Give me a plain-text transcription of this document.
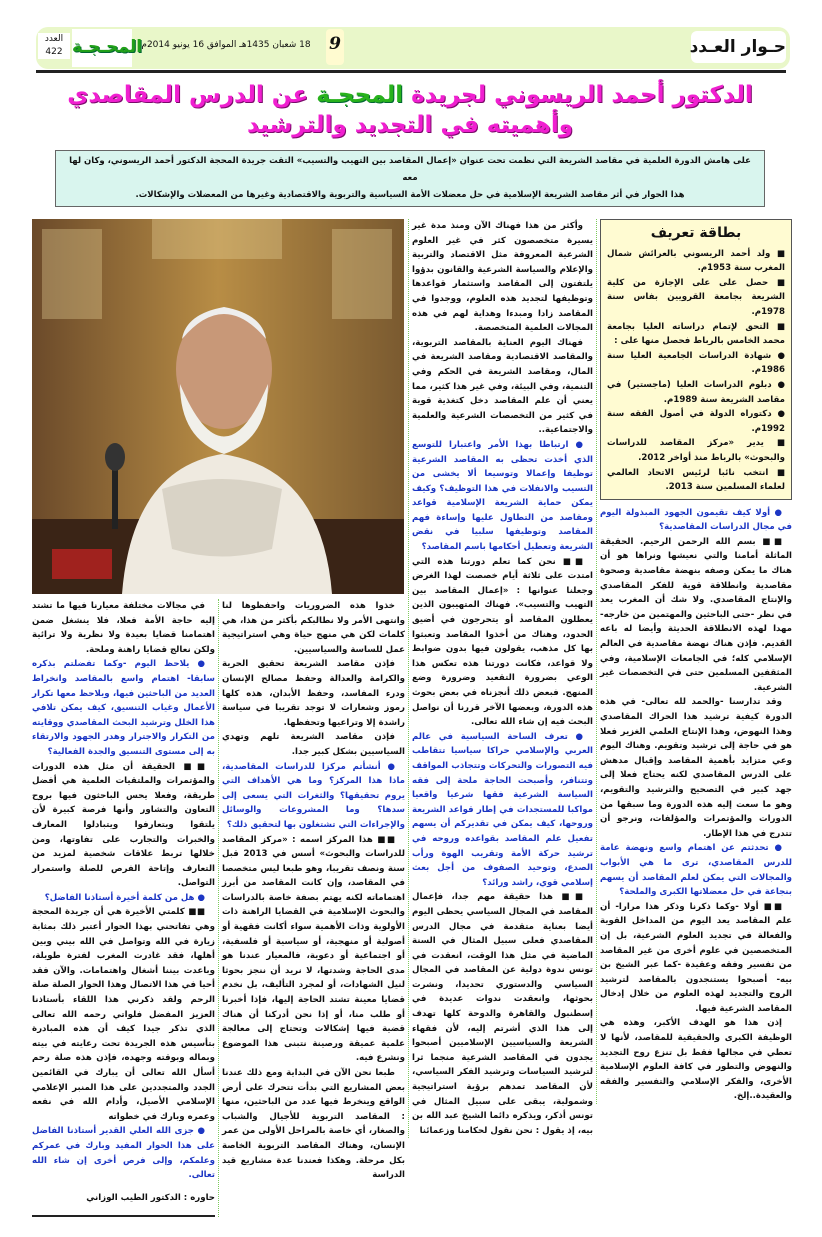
حـوار العـدد
9
18 شعبان 1435هـ الموافق 16 يونيو 2014م
المحـجـة
العدد 422
الدكتور أحمد الريسوني لجريدة المحجـة عن الدرس المقاصدي وأهميته في التجديد والترشيد
على هامش الدورة العلمية في مقاصد الشريعة التي نظمت تحت عنوان «إعمال المقاصد بين التهيب والتسيب» التقت جريدة المحجة الدكتور أحمد الريسوني، وكان لها معه
هذا الحوار في أثر مقاصد الشريعة الإسلامية في حل معضلات الأمة السياسية والتربوية والاقتصادية وغيرها من المعضلات والإشكالات.
بطاقة تعريف
■ ولد أحمد الريسوني بالعرائش شمال المغرب سنة 1953م.
■ حصل على على الإجازة من كلية الشريعة بجامعة القرويين بفاس سنة 1978م.
■ التحق لإتمام دراساته العليا بجامعة محمد الخامس بالرباط فحصل منها على :
● شهادة الدراسات الجامعية العليا سنة 1986م.
● دبلوم الدراسات العليا (ماجستير) في مقاصد الشريعة سنة 1989م.
● دكتوراه الدولة في أصول الفقه سنة 1992م.
■ يدير «مركز المقاصد للدراسات والبحوث» بالرباط منذ أواخر 2012.
■ انتخب نائبا لرئيس الاتحاد العالمي لعلماء المسلمين سنة 2013.

● أولا كيف تقيمون الجهود المبذولة اليوم في مجال الدراسات المقاصدية؟

■■ بسم الله الرحمن الرحيم. الحقيقة الماثلة أمامنا والتي نعيشها ونراها هو أن هناك ما يمكن وصفه بنهضة مقاصدية وصحوة مقاصدية وانطلاقة قوية للفكر المقاصدي والإنتاج المقاصدي. ولا شك أن المغرب يعد في نظر -حتى الباحثين والمهتمين من خارجه- مهدا لهذه الانطلاقة الحديثة وأيضا له باعه القديم. فإذن هناك نهضة مقاصدية في العالم الإسلامي كله؛ في الجامعات الإسلامية، وفي المثقفين المسلمين حتى في التخصصات غير الشرعية.

وقد تدارسنا -والحمد لله تعالى- في هذه الدورة كيفية ترشيد هذا الحراك المقاصدي وهذا النهوض، وهذا الإنتاج العلمي الغزير فعلا هو في حاجة إلى ترشيد وتقويم. وهناك اليوم وعي متزايد بأهمية المقاصد وإقبال مدهش على الدرس المقاصدي لكنه يحتاج فعلا إلى جهد كبير في التصحيح والترشيد والتقويم، وهو ما سعت إليه هذه الدورة وما سبقها من الدورات والمؤتمرات والمؤلفات، ونرجو أن تتدرج في هذا الإطار.

● تحدثتم عن اهتمام واسع ونهضة عامة للدرس المقاصدي، ترى ما هي الأبواب والمجالات التي يمكن لعلم المقاصد أن يسهم بنجاعة في حل معضلاتها الكبرى والملحة؟

■■ أولا -وكما ذكرنا وذكر هذا مرارا- أن علم المقاصد يعد اليوم من المداخل القوية والفعالة في تجديد العلوم الشرعية، بل إن المتخصصين في علوم أخرى من غير المقاصد من تفسير وفقه وعقيدة -كما عبر الشيخ بن بيه- أصبحوا يستنجدون بالمقاصد لترشيد الروح والتجديد لهذه العلوم من خلال إدخال المقاصد الشرعية فيها.

إذن هذا هو الهدف الأكبر، وهذه هي الوظيفة الكبرى والحقيقية للمقاصد، لأنها لا تعطي في مجالها فقط بل تنزع روح التجديد والنهوض والتطور في كافة العلوم الإسلامية الأخرى، والفكر الإسلامي والتفسير والفقه والعقيدة..إلخ.

وأكثر من هذا فهناك الآن ومنذ مدة غير يسيرة متخصصون كثر في غير العلوم الشرعية المعروفة مثل الاقتصاد والتربية والإعلام والسياسة الشرعية والقانون بدؤوا يلتفتون إلى المقاصد واستثمار قواعدها وتوظيفها لتجديد هذه العلوم، ووجدوا في المقاصد زادا ومبدءا وهداية لهم في هذه المجالات العلمية المتخصصة.

فهناك اليوم العناية بالمقاصد التربوية، والمقاصد الاقتصادية ومقاصد الشريعة في المال، ومقاصد الشريعة في الحكم وفي التنمية، وفي البيئة، وفي غير هذا كثير، مما يعني أن علم المقاصد دخل كتغذية قوية في كثير من التخصصات الشرعية والعلمية والاجتماعية..

● ارتباطا بهذا الأمر واعتبارا للتوسع الذي أخذت تحظى به المقاصد الشرعية توظيفا وإعمالا وتوسيعا ألا يخشى من التسيب والانفلات في هذا التوظيف؟ وكيف يمكن حماية الشريعة الإسلامية قواعد ومقاصد من التطاول عليها وإساءة فهم المقاصد وتوظيفها سلبيا في نقض الشريعة وتعطيل أحكامها باسم المقاصد؟

■■ نحن كما تعلم دورتنا هذه التي امتدت على ثلاثة أيام خصصت لهذا الغرض وجعلنا عنوانها : «إعمال المقاصد بين التهيب والتسيب». فهناك المتهيبون الذين يعطلون المقاصد أو يتحرجون في أضيق الحدود، وهناك من أخذوا المقاصد وتعبثوا بها كل مذهب، يقولون فيها بدون ضوابط ولا قواعد، فكانت دورتنا هذه تعكس هذا الوعي بضرورة التقعيد وضرورة وضع المنهج. فبعض ذلك أنجزناه في بعض بحوث هذه الدورة، وبعضها الآخر قررنا أن نواصل البحث فيه إن شاء الله تعالى.

● تعرف الساحة السياسية في عالم العربي والإسلامي حراكا سياسيا تتقاطب فيه التصورات والتحركات وتتجاذب المواقف وتتنافر، وأصبحت الحاجة ملحة إلى فقه السياسة الشرعية فقها شرعيا واقعيا مواكبا للمستجدات في إطار قواعد الشريعة وروحها، كيف يمكن في تقديركم أن يسهم تفعيل علم المقاصد بقواعده وروحه في ترشيد حركة الأمة وتقريب الهوة ورأب الصدع، وتوحيد الصفوف من أجل بعث إسلامي قوي، راشد ورائد؟

■■ هذا حقيقة مهم جدا، فإعمال المقاصد في المجال السياسي يحظى اليوم أيضا بعناية متقدمة في مجال الدرس المقاصدي فعلى سبيل المثال في السنة الماضية في مثل هذا الوقت، انعقدت في تونس ندوة دولية عن المقاصد في المجال السياسي والدستوري تحديدا، ونشرت بحوثها، وانعقدت ندوات عديدة في إسطنبول والقاهرة والدوحة كلها تهدف إلى هذا الذي أشرتم إليه، لأن فقهاء الشريعة والسياسيين الإسلاميين أصبحوا يجدون في المقاصد الشرعية منجما ثرا لترشيد السياسات وترشيد الفكر السياسي، لأن المقاصد تمدهم برؤية استراتيجية وشمولية، يبقى على سبيل المثال في تونس أذكر، ويذكره دائما الشيخ عبد الله بن بيه، إذ يقول : نحن نقول لحكامنا وزعمائنا

خذوا هذه الضروريات واحفظوها لنا وانتهى الأمر ولا نطالبكم بأكثر من هذا، هي كلمات لكن هي منهج حياة وهي استراتيجية عمل للساسة والسياسيين.

فإذن مقاصد الشريعة تحقيق الحرية والكرامة والعدالة وحفظ مصالح الإنسان ودرء المفاسد، وحفظ الأبدان، هذه كلها رموز وشعارات لا توجد تقريبا في سياسة راشدة إلا وتراعيها وتحفظها.

فإذن مقاصد الشريعة تلهم وتهدي السياسيين بشكل كبير جدا.

● أنشأتم مركزا للدراسات المقاصدية، ماذا هذا المركز؟ وما هي الأهداف التي يروم تحقيقها؟ والثغرات التي يسعى إلى سدها؟ وما المشروعات والوسائل والإجراءات التي تشتغلون بها لتحقيق ذلك؟

■■ هذا المركز اسمه : «مركز المقاصد للدراسات والبحوث» أسس في 2013 قبل سنة ونصف تقريبا، وهو طبعا ليس متخصصا في المقاصد، وإن كانت المقاصد من أبرز اهتماماته لكنه يهتم بصفة خاصة بالدراسات والبحوث الإسلامية في القضايا الراهنة ذات الأولوية وذات الأهمية سواء أكانت فقهية أو أصولية أو منهجية، أو سياسية أو فلسفية، أو اجتماعية أو دعوية، فالمعيار عندنا هو مدى الحاجة وشدتها، لا نريد أن ننجز بحوثا لنيل الشهادات، أو لمجرد التأليف، بل نخدم قضايا معينة تشتد الحاجة إليها، فإذا أخبرنا أو طلب منا، أو إذا نحن أدركنا أن هناك قضية فيها إشكالات وتحتاج إلى معالجة علمية عميقة ورصينة نتبنى هذا الموضوع ونشرع فيه.

طبعا نحن الآن في البداية ومع ذلك عندنا بعض المشاريع التي بدأت تتحرك على أرض الواقع وينخرط فيها عدد من الباحثين، منها : المقاصد التربوية للأجيال والشباب والصغار، أي خاصة بالمراحل الأولى من عمر الإنسان، وهناك المقاصد التربوية الخاصة بكل مرحلة. وهكذا فعندنا عدة مشاريع قيد الدراسة

في مجالات مختلفة معيارنا فيها ما تشتد إليه حاجة الأمة فعلا، فلا ينشغل ضمن اهتمامنا قضايا بعيدة ولا نظرية ولا ترائية ولكن نعالج قضايا راهنة وملحة.

● يلاحظ اليوم -وكما تفضلتم بذكره سابقا- اهتمام واسع بالمقاصد وانخراط العديد من الباحثين فيها، ويلاحظ معها تكرار الأعمال وغياب التنسيق، كيف يمكن تلافي هذا الخلل وترشيد البحث المقاصدي ووقايته من التكرار والاجترار وهدر الجهود والارتقاء به إلى مستوى التنسيق والجدة الفعالية؟

■■ الحقيقة أن مثل هذه الدورات والمؤتمرات والملتقيات العلمية هي أفضل طريقة، وفعلا يحس الباحثون فيها بروح التعاون والتشاور وأنها فرصة كبيرة لأن يلتقوا ويتعارفوا ويتبادلوا المعارف والخبرات والتجارب على تفاوتها، ومن خلالها تربط علاقات شخصية لمزيد من التعارف وإتاحة الفرص للصلة واستمرار التواصل.

● هل من كلمة أخيرة أستاذنا الفاضل؟

■■ كلمتي الأخيرة هي أن جريدة المحجة وهي تفاتحني بهذا الحوار أعتبر ذلك بمثابة زيارة في الله وتواصل في الله بيني وبين أهلها، فقد غادرت المغرب لفترة طويلة، وباعدت بيننا أشغال واهتمامات. والآن فقد أحيا في هذا الاتصال وهذا الحوار الصلة صلة الرحم ولقد ذكرني هذا اللقاء بأستاذنا العزيز المفضل فلواتي رحمه الله تعالى الذي تذكر جيدا كيف أن هذه المبادرة بتأسيس هذه الجريدة تحت رعايته في بيته وبماله وبوقته وجهده، فإذن هذه صلة رحم أسأل الله تعالى أن يبارك في القائمين الجدد والمتجددين على هذا المنبر الإعلامي الإسلامي الأصيل، وأدام الله في نفعه وعمره وبارك في خطواته

● جزى الله العلي القدير أستاذنا الفاضل على هذا الحوار المفيد وبارك في عمركم وعلمكم، وإلى فرص أخرى إن شاء الله تعالى.

حاوره : الدكتور الطيب الوزاني
